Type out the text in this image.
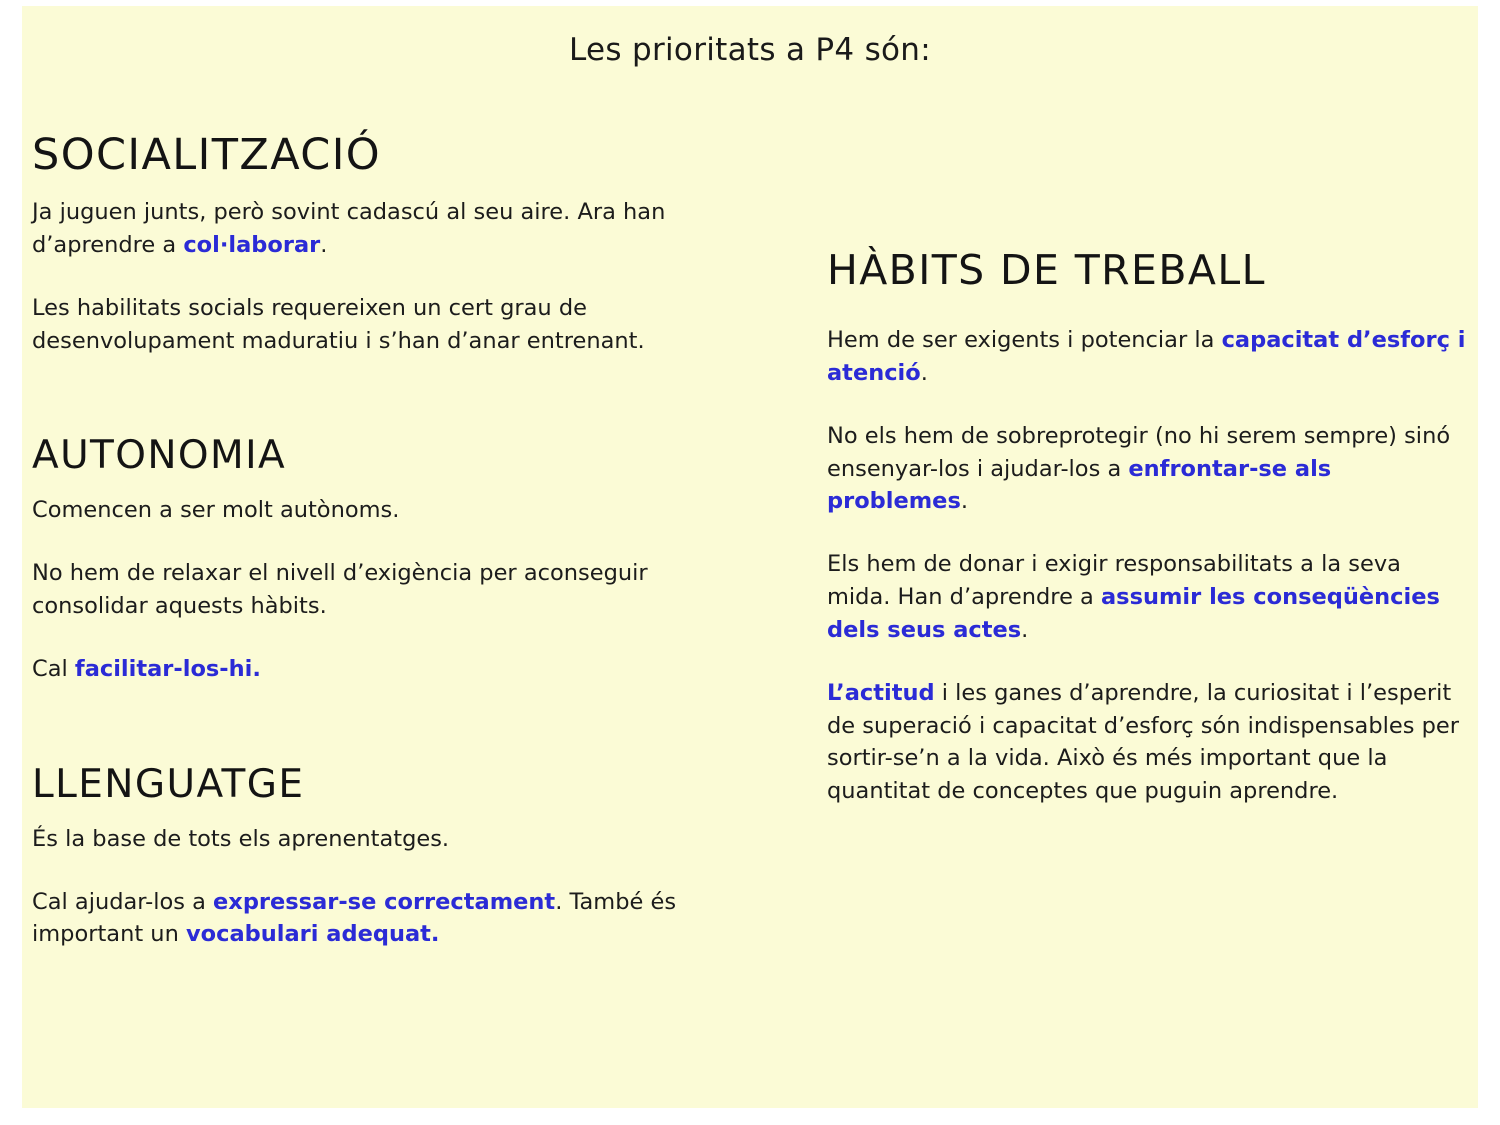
Les prioritats a P4 són:
SOCIALITZACIÓ

Ja juguen junts, però sovint cadascú al seu aire. Ara han d’aprendre a col·laborar.

Les habilitats socials requereixen un cert grau de desenvolupament maduratiu i s’han d’anar entrenant.

AUTONOMIA

Comencen a ser molt autònoms.

No hem de relaxar el nivell d’exigència per aconseguir consolidar aquests hàbits.

Cal facilitar-los-hi.

LLENGUATGE

És la base de tots els aprenentatges.

Cal ajudar-los a expressar-se correctament. També és important un vocabulari adequat.

HÀBITS DE TREBALL

Hem de ser exigents i potenciar la capacitat d’esforç i atenció.

No els hem de sobreprotegir (no hi serem sempre) sinó ensenyar-los i ajudar-los a enfrontar-se als problemes.

Els hem de donar i exigir responsabilitats a la seva mida. Han d’aprendre a assumir les conseqüències dels seus actes.

L’actitud i les ganes d’aprendre, la curiositat i l’esperit de superació i capacitat d’esforç són indispensables per sortir-se’n a la vida. Això és més important que la quantitat de conceptes que puguin aprendre.
